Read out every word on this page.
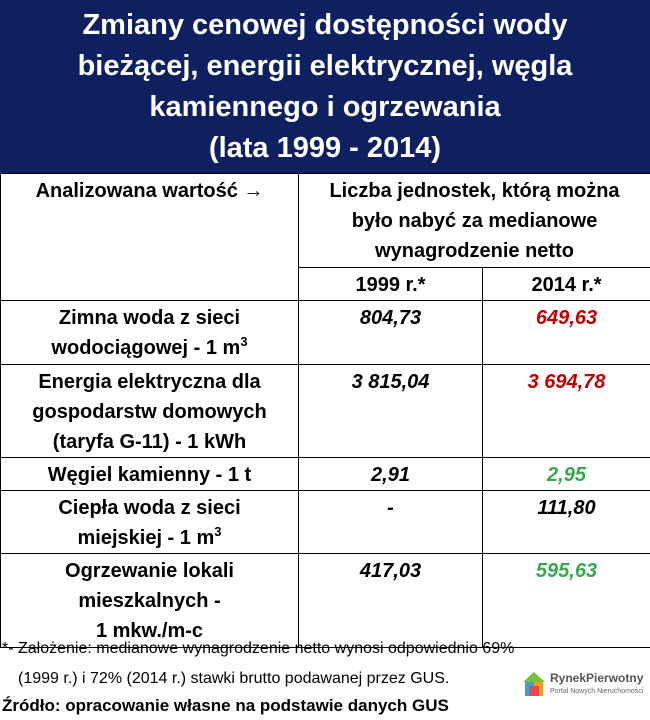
Zmiany cenowej dostępności wody
bieżącej, energii elektrycznej, węgla
kamiennego i ogrzewania
(lata 1999 - 2014)
Analizowana wartość →	Liczba jednostek, którą można
było nabyć za medianowe
wynagrodzenie netto	

	1999 r.*	2014 r.*

Zimna woda z sieci
wodociągowej - 1 $m^3$	804,73	649,63

Energia elektryczna dla
gospodarstw domowych
(taryfa G-11) - 1 kWh	3 815,04	3 694,78

Węgiel kamienny - 1 t	2,91	2,95

Ciepła woda z sieci
miejskiej - 1 $m^3$	-	111,80

Ogrzewanie lokali
mieszkalnych -
1 mkw./m-c	417,03	595,63
*- Założenie: medianowe wynagrodzenie netto wynosi odpowiednio 69%
(1999 r.) i 72% (2014 r.) stawki brutto podawanej przez GUS.
Źródło: opracowanie własne na podstawie danych GUS
RynekPierwotny
Portal Nowych Nieruchomości
